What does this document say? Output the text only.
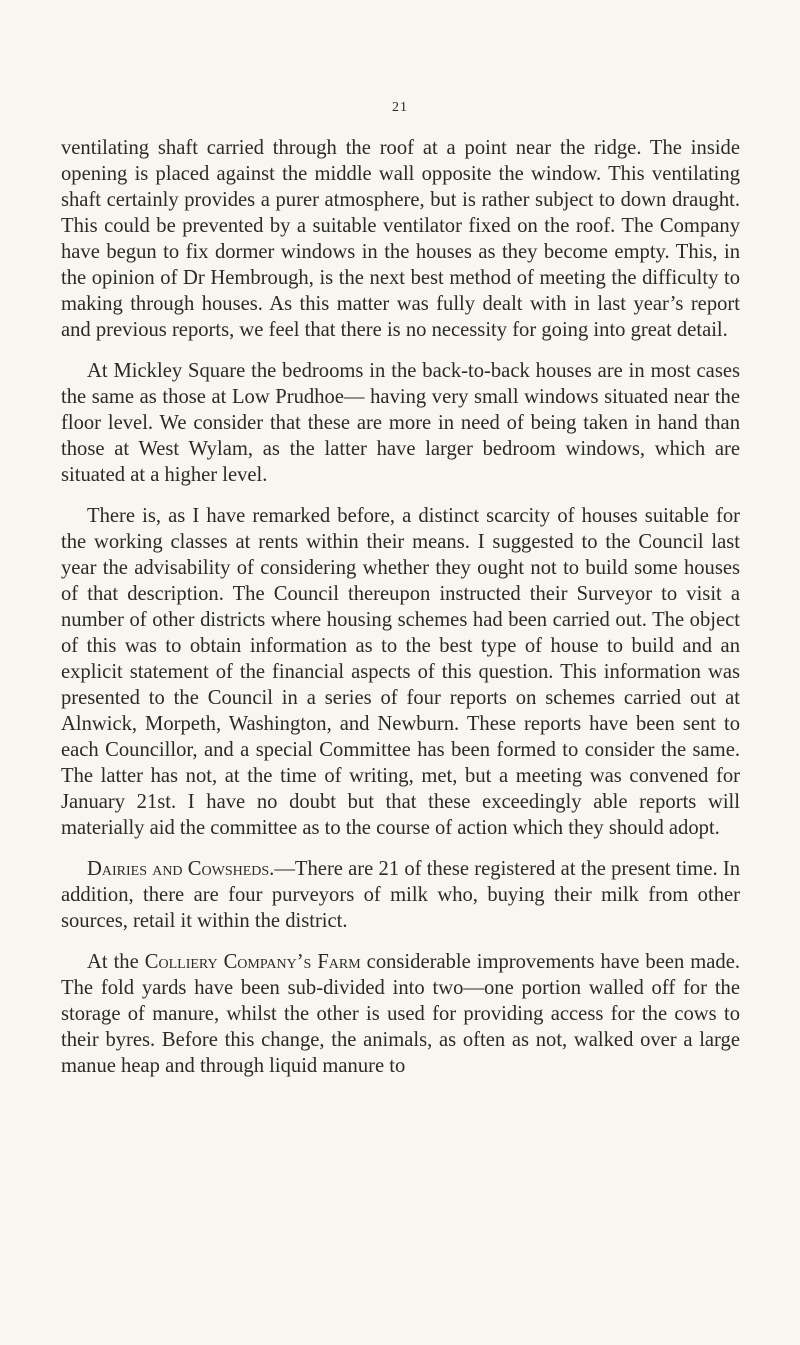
21

ventilating shaft carried through the roof at a point near the ridge. The inside opening is placed against the middle wall opposite the window. This ventilating shaft certainly provides a purer atmosphere, but is rather subject to down draught. This could be prevented by a suitable ventilator fixed on the roof. The Company have begun to fix dormer windows in the houses as they become empty. This, in the opinion of Dr Hembrough, is the next best method of meeting the difficulty to making through houses. As this matter was fully dealt with in last year’s report and previous reports, we feel that there is no necessity for going into great detail.

At Mickley Square the bedrooms in the back-to-back houses are in most cases the same as those at Low Prudhoe— having very small windows situated near the floor level. We consider that these are more in need of being taken in hand than those at West Wylam, as the latter have larger bedroom windows, which are situated at a higher level.

There is, as I have remarked before, a distinct scarcity of houses suitable for the working classes at rents within their means. I suggested to the Council last year the advisability of considering whether they ought not to build some houses of that description. The Council thereupon instructed their Surveyor to visit a number of other districts where housing schemes had been carried out. The object of this was to obtain information as to the best type of house to build and an explicit statement of the financial aspects of this question. This information was presented to the Council in a series of four reports on schemes carried out at Alnwick, Morpeth, Washington, and Newburn. These reports have been sent to each Councillor, and a special Committee has been formed to consider the same. The latter has not, at the time of writing, met, but a meeting was convened for January 21st. I have no doubt but that these exceedingly able reports will materially aid the committee as to the course of action which they should adopt.

Dairies and Cowsheds.—There are 21 of these registered at the present time. In addition, there are four purveyors of milk who, buying their milk from other sources, retail it within the district.

At the Colliery Company’s Farm considerable improvements have been made. The fold yards have been sub-divided into two—one portion walled off for the storage of manure, whilst the other is used for providing access for the cows to their byres. Before this change, the animals, as often as not, walked over a large manue heap and through liquid manure to
